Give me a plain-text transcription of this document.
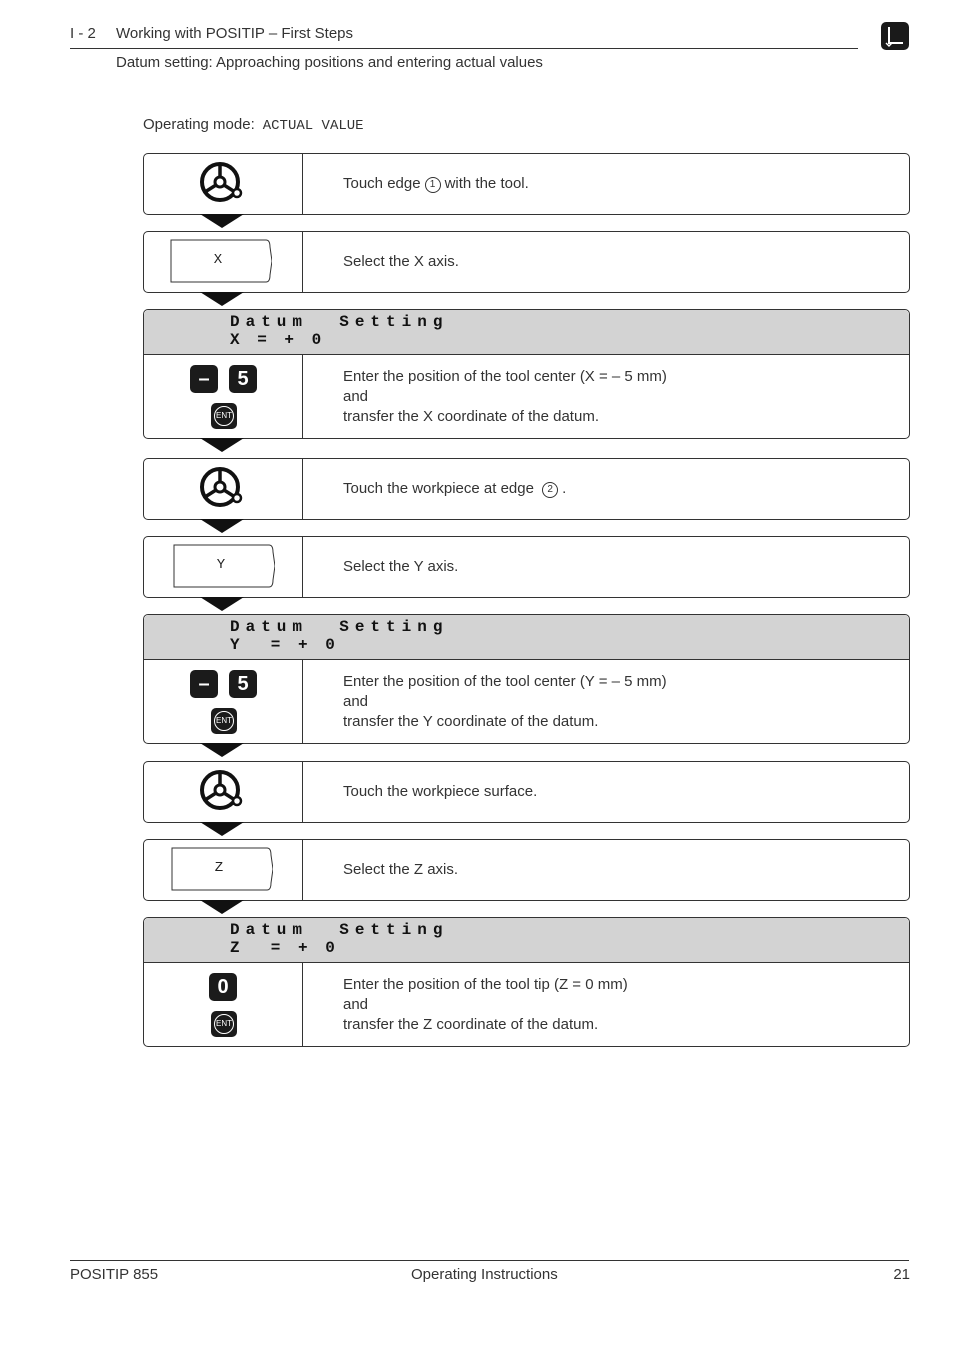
I - 2 Working with POSITIP – First Steps
Datum setting: Approaching positions and entering actual values
Operating mode: ACTUAL VALUE
Touch edge 1 with the tool.
X	Select the X axis.
Datum  Setting
X = + 0
–	5
ENT
Enter the position of the tool center (X = – 5 mm)
and
transfer the X coordinate of the datum.
Touch the workpiece at edge 2 .
Y	Select the Y axis.
Datum  Setting
Y  = + 0
–	5
ENT
Enter the position of the tool center (Y = – 5 mm)
and
transfer the Y coordinate of the datum.
Touch the workpiece surface.
Z	Select the Z axis.
Datum  Setting
Z  = + 0
0
ENT
Enter the position of the tool tip (Z = 0 mm)
and
transfer the Z coordinate of the datum.
POSITIP 855	Operating Instructions	21
